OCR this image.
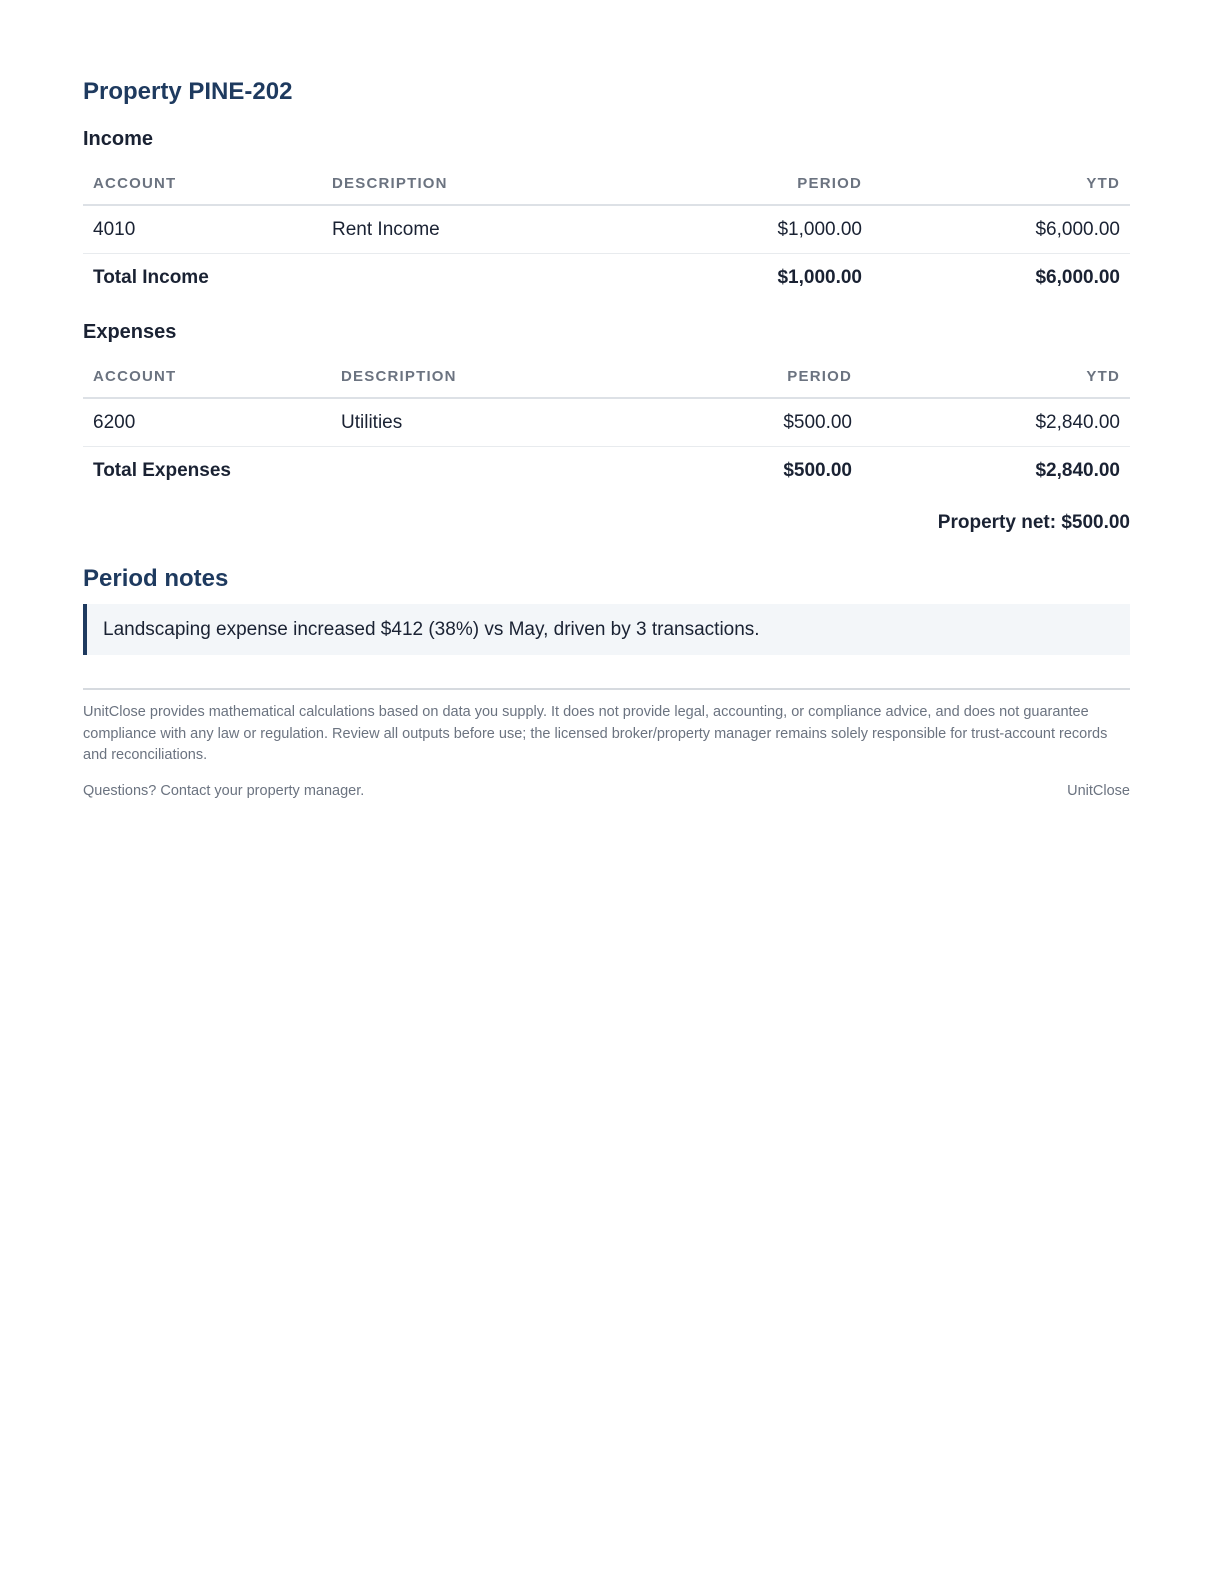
Property PINE-202
Income
ACCOUNT	DESCRIPTION	PERIOD	YTD
4010	Rent Income	$1,000.00	$6,000.00
Total Income		$1,000.00	$6,000.00
Expenses
ACCOUNT	DESCRIPTION	PERIOD	YTD
6200	Utilities	$500.00	$2,840.00
Total Expenses		$500.00	$2,840.00
Property net: $500.00
Period notes
Landscaping expense increased $412 (38%) vs May, driven by 3 transactions.

UnitClose provides mathematical calculations based on data you supply. It does not provide legal, accounting, or compliance advice, and does not guarantee compliance with any law or regulation. Review all outputs before use; the licensed broker/property manager remains solely responsible for trust-account records and reconciliations.

Questions? Contact your property manager.	UnitClose
